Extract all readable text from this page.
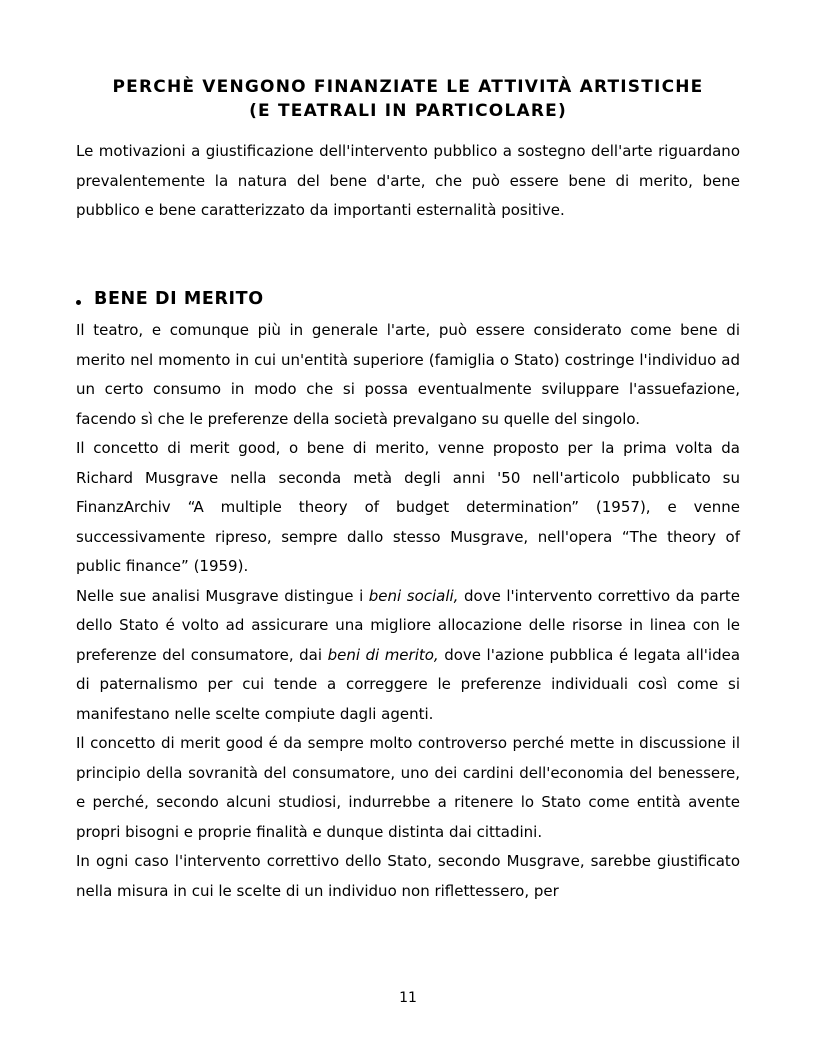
PERCHÈ VENGONO FINANZIATE LE ATTIVITÀ ARTISTICHE
(E TEATRALI IN PARTICOLARE)

Le motivazioni a giustificazione dell'intervento pubblico a sostegno dell'arte riguardano prevalentemente la natura del bene d'arte, che può essere bene di merito, bene pubblico e bene caratterizzato da importanti esternalità positive.

BENE DI MERITO

Il teatro, e comunque più in generale l'arte, può essere considerato come bene di merito nel momento in cui un'entità superiore (famiglia o Stato) costringe l'individuo ad un certo consumo in modo che si possa eventualmente sviluppare l'assuefazione, facendo sì che le preferenze della società prevalgano su quelle del singolo.

Il concetto di merit good, o bene di merito, venne proposto per la prima volta da Richard Musgrave nella seconda metà degli anni '50 nell'articolo pubblicato su FinanzArchiv “A multiple theory of budget determination” (1957), e venne successivamente ripreso, sempre dallo stesso Musgrave, nell'opera “The theory of public finance” (1959).

Nelle sue analisi Musgrave distingue i beni sociali, dove l'intervento correttivo da parte dello Stato é volto ad assicurare una migliore allocazione delle risorse in linea con le preferenze del consumatore, dai beni di merito, dove l'azione pubblica é legata all'idea di paternalismo per cui tende a correggere le preferenze individuali così come si manifestano nelle scelte compiute dagli agenti.

Il concetto di merit good é da sempre molto controverso perché mette in discussione il principio della sovranità del consumatore, uno dei cardini dell'economia del benessere, e perché, secondo alcuni studiosi, indurrebbe a ritenere lo Stato come entità avente propri bisogni e proprie finalità e dunque distinta dai cittadini.

In ogni caso l'intervento correttivo dello Stato, secondo Musgrave, sarebbe giustificato nella misura in cui le scelte di un individuo non riflettessero, per

11
